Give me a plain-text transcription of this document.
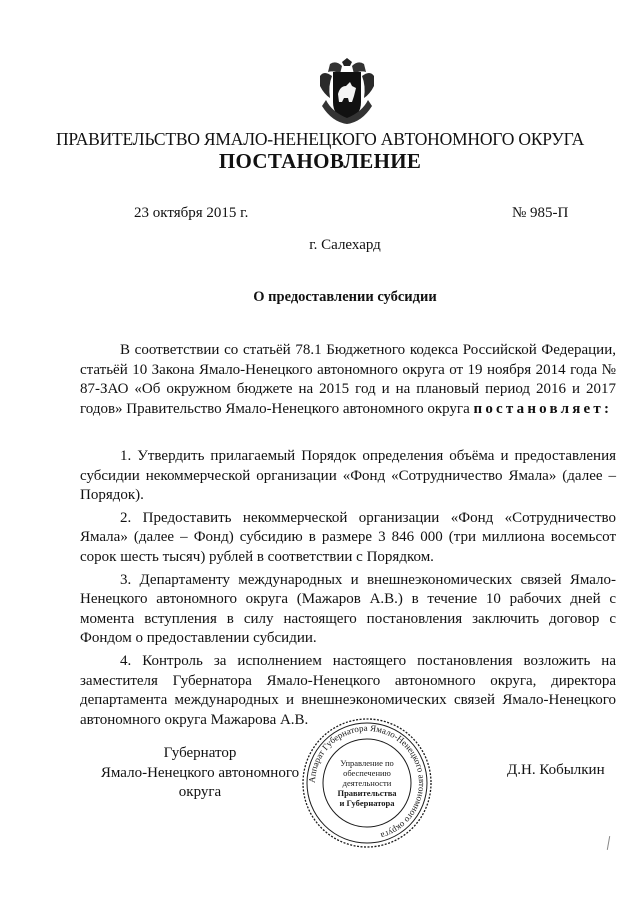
ПРАВИТЕЛЬСТВО ЯМАЛО-НЕНЕЦКОГО АВТОНОМНОГО ОКРУГА
ПОСТАНОВЛЕНИЕ
23 октября 2015 г.	№ 985-П
г. Салехард
О предоставлении субсидии

В соответствии со статьёй 78.1 Бюджетного кодекса Российской Федерации, статьёй 10 Закона Ямало-Ненецкого автономного округа от 19 ноября 2014 года № 87-ЗАО «Об окружном бюджете на 2015 год и на плановый период 2016 и 2017 годов» Правительство Ямало-Ненецкого автономного округа постановляет:

1. Утвердить прилагаемый Порядок определения объёма и предоставления субсидии некоммерческой организации «Фонд «Сотрудничество Ямала» (далее – Порядок).

2. Предоставить некоммерческой организации «Фонд «Сотрудничество Ямала» (далее – Фонд) субсидию в размере 3 846 000 (три миллиона восемьсот сорок шесть тысяч) рублей в соответствии с Порядком.

3. Департаменту международных и внешнеэкономических связей Ямало-Ненецкого автономного округа (Мажаров А.В.) в течение 10 рабочих дней с момента вступления в силу настоящего постановления заключить договор с Фондом о предоставлении субсидии.

4. Контроль за исполнением настоящего постановления возложить на заместителя Губернатора Ямало-Ненецкого автономного округа, директора департамента международных и внешнеэкономических связей Ямало-Ненецкого автономного округа Мажарова А.В.

Губернатор
Ямало-Ненецкого автономного округа
Д.Н. Кобылкин
Аппарат Губернатора Ямало-Ненецкого автономного округа
Управление по
обеспечению
деятельности
Правительства
и Губернатора
